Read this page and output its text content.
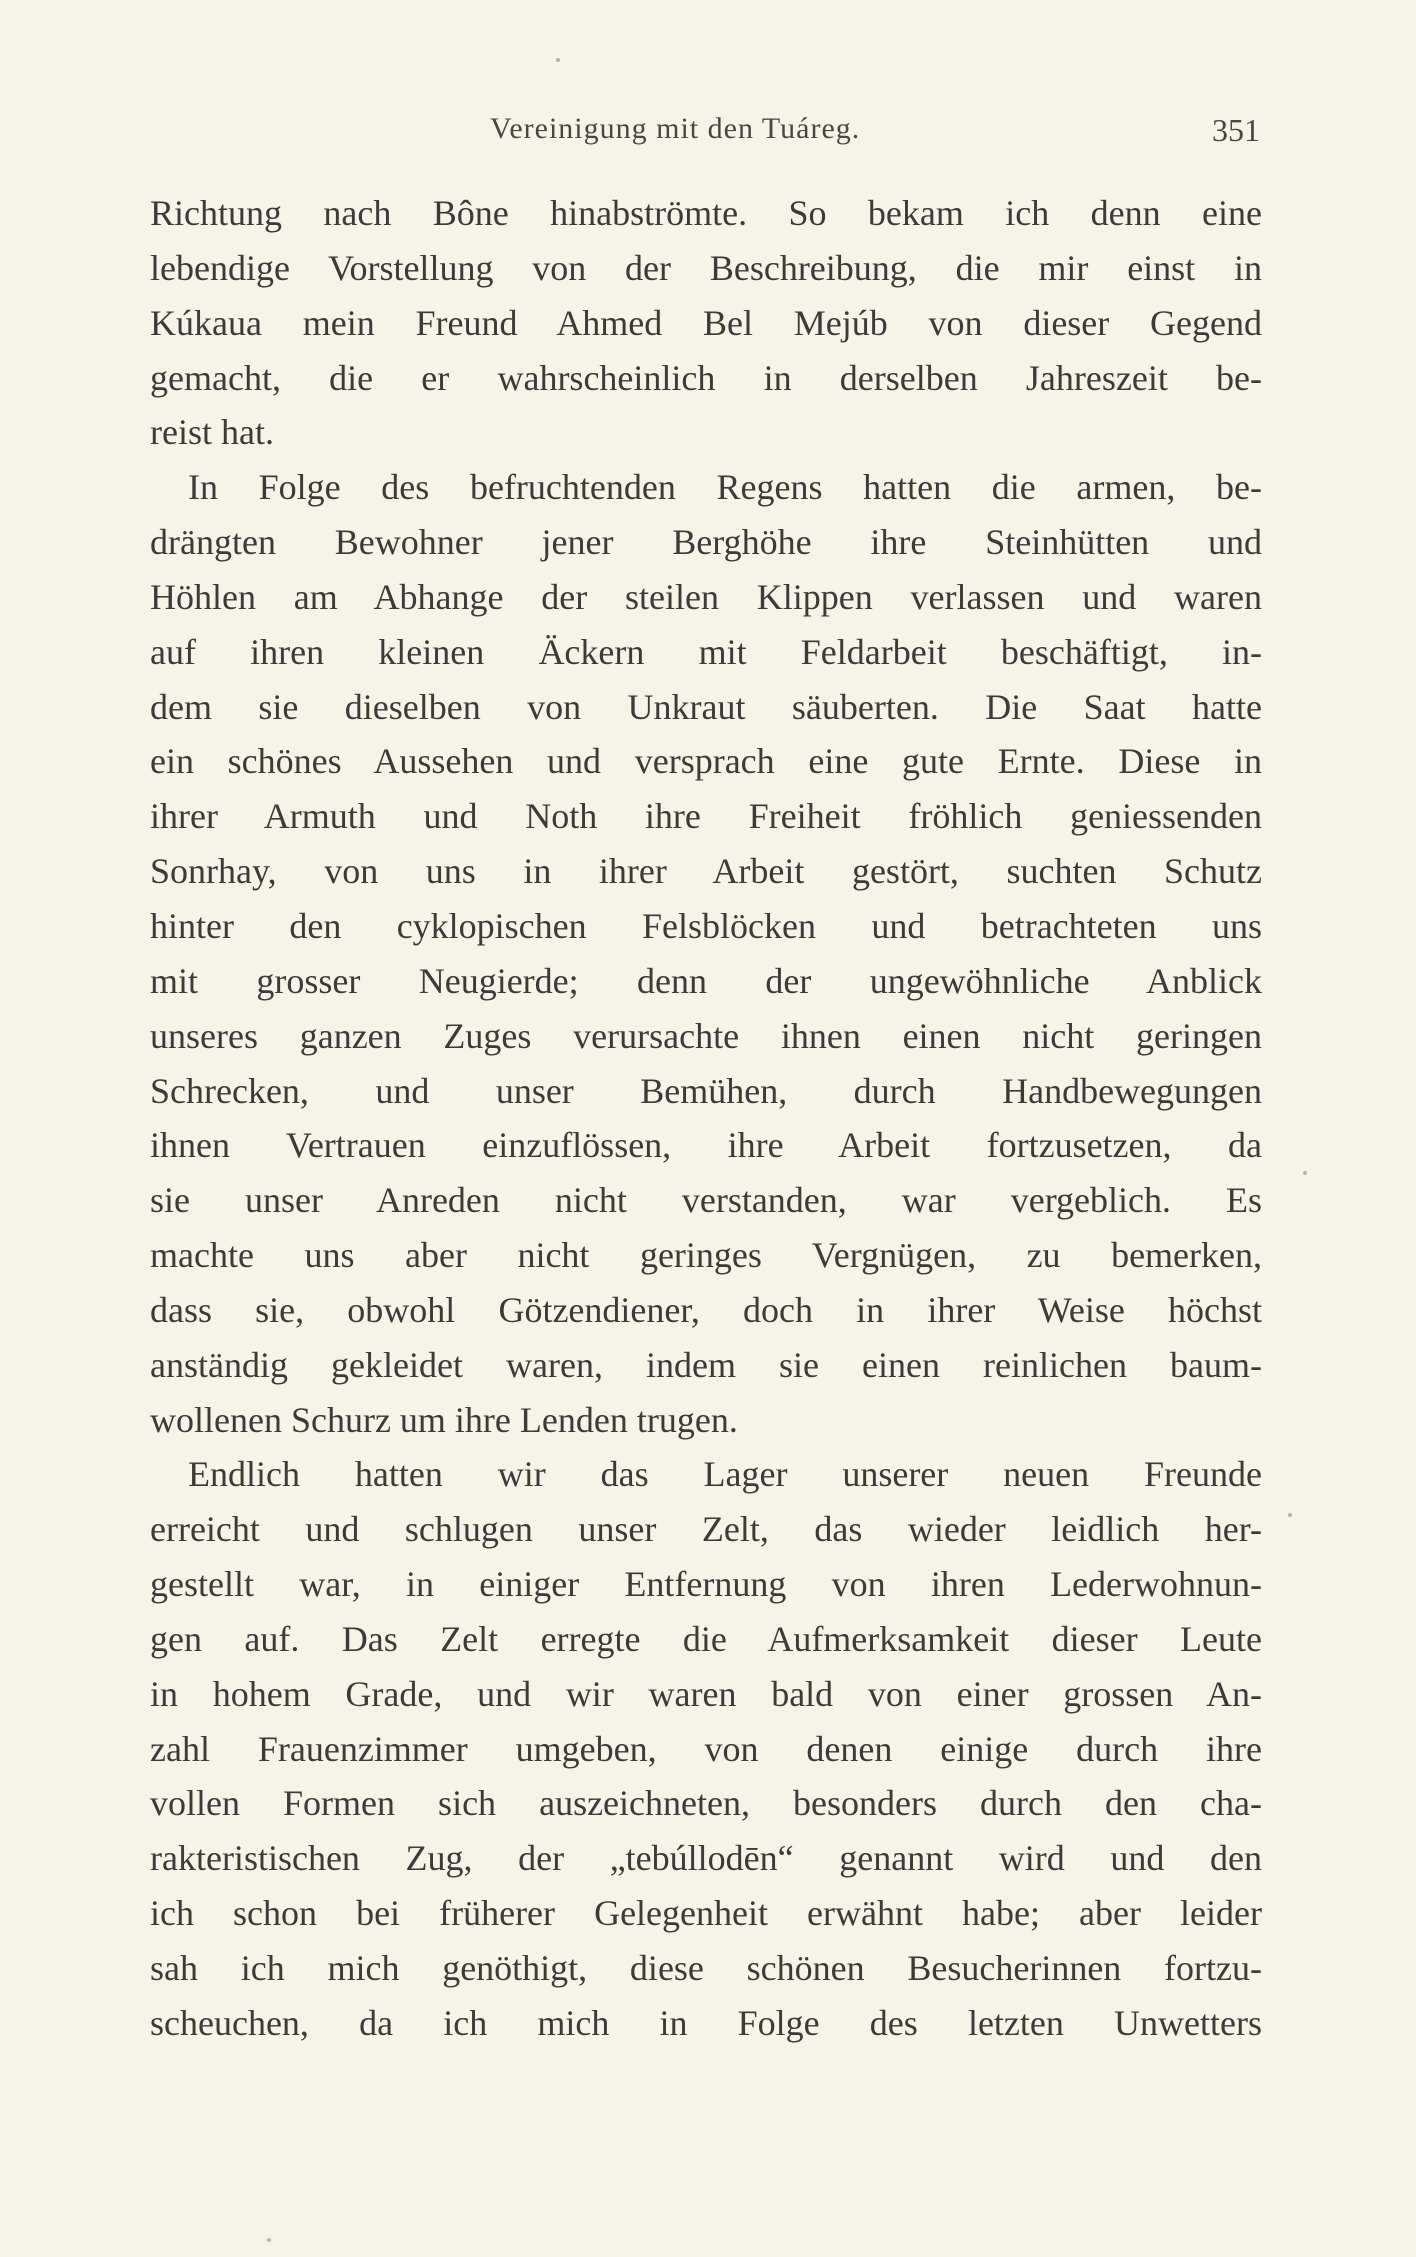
Vereinigung mit den Tuáreg.	351
Richtung nach Bône hinabströmte. So bekam ich denn eine
lebendige Vorstellung von der Beschreibung, die mir einst in
Kúkaua mein Freund Ahmed Bel Mejúb von dieser Gegend
gemacht, die er wahrscheinlich in derselben Jahreszeit be-
reist hat.
In Folge des befruchtenden Regens hatten die armen, be-
drängten Bewohner jener Berghöhe ihre Steinhütten und
Höhlen am Abhange der steilen Klippen verlassen und waren
auf ihren kleinen Äckern mit Feldarbeit beschäftigt, in-
dem sie dieselben von Unkraut säuberten. Die Saat hatte
ein schönes Aussehen und versprach eine gute Ernte. Diese in
ihrer Armuth und Noth ihre Freiheit fröhlich geniessenden
Sonrhay, von uns in ihrer Arbeit gestört, suchten Schutz
hinter den cyklopischen Felsblöcken und betrachteten uns
mit grosser Neugierde; denn der ungewöhnliche Anblick
unseres ganzen Zuges verursachte ihnen einen nicht geringen
Schrecken, und unser Bemühen, durch Handbewegungen
ihnen Vertrauen einzuflössen, ihre Arbeit fortzusetzen, da
sie unser Anreden nicht verstanden, war vergeblich. Es
machte uns aber nicht geringes Vergnügen, zu bemerken,
dass sie, obwohl Götzendiener, doch in ihrer Weise höchst
anständig gekleidet waren, indem sie einen reinlichen baum-
wollenen Schurz um ihre Lenden trugen.
Endlich hatten wir das Lager unserer neuen Freunde
erreicht und schlugen unser Zelt, das wieder leidlich her-
gestellt war, in einiger Entfernung von ihren Lederwohnun-
gen auf. Das Zelt erregte die Aufmerksamkeit dieser Leute
in hohem Grade, und wir waren bald von einer grossen An-
zahl Frauenzimmer umgeben, von denen einige durch ihre
vollen Formen sich auszeichneten, besonders durch den cha-
rakteristischen Zug, der „tebúllodēn“ genannt wird und den
ich schon bei früherer Gelegenheit erwähnt habe; aber leider
sah ich mich genöthigt, diese schönen Besucherinnen fortzu-
scheuchen, da ich mich in Folge des letzten Unwetters
